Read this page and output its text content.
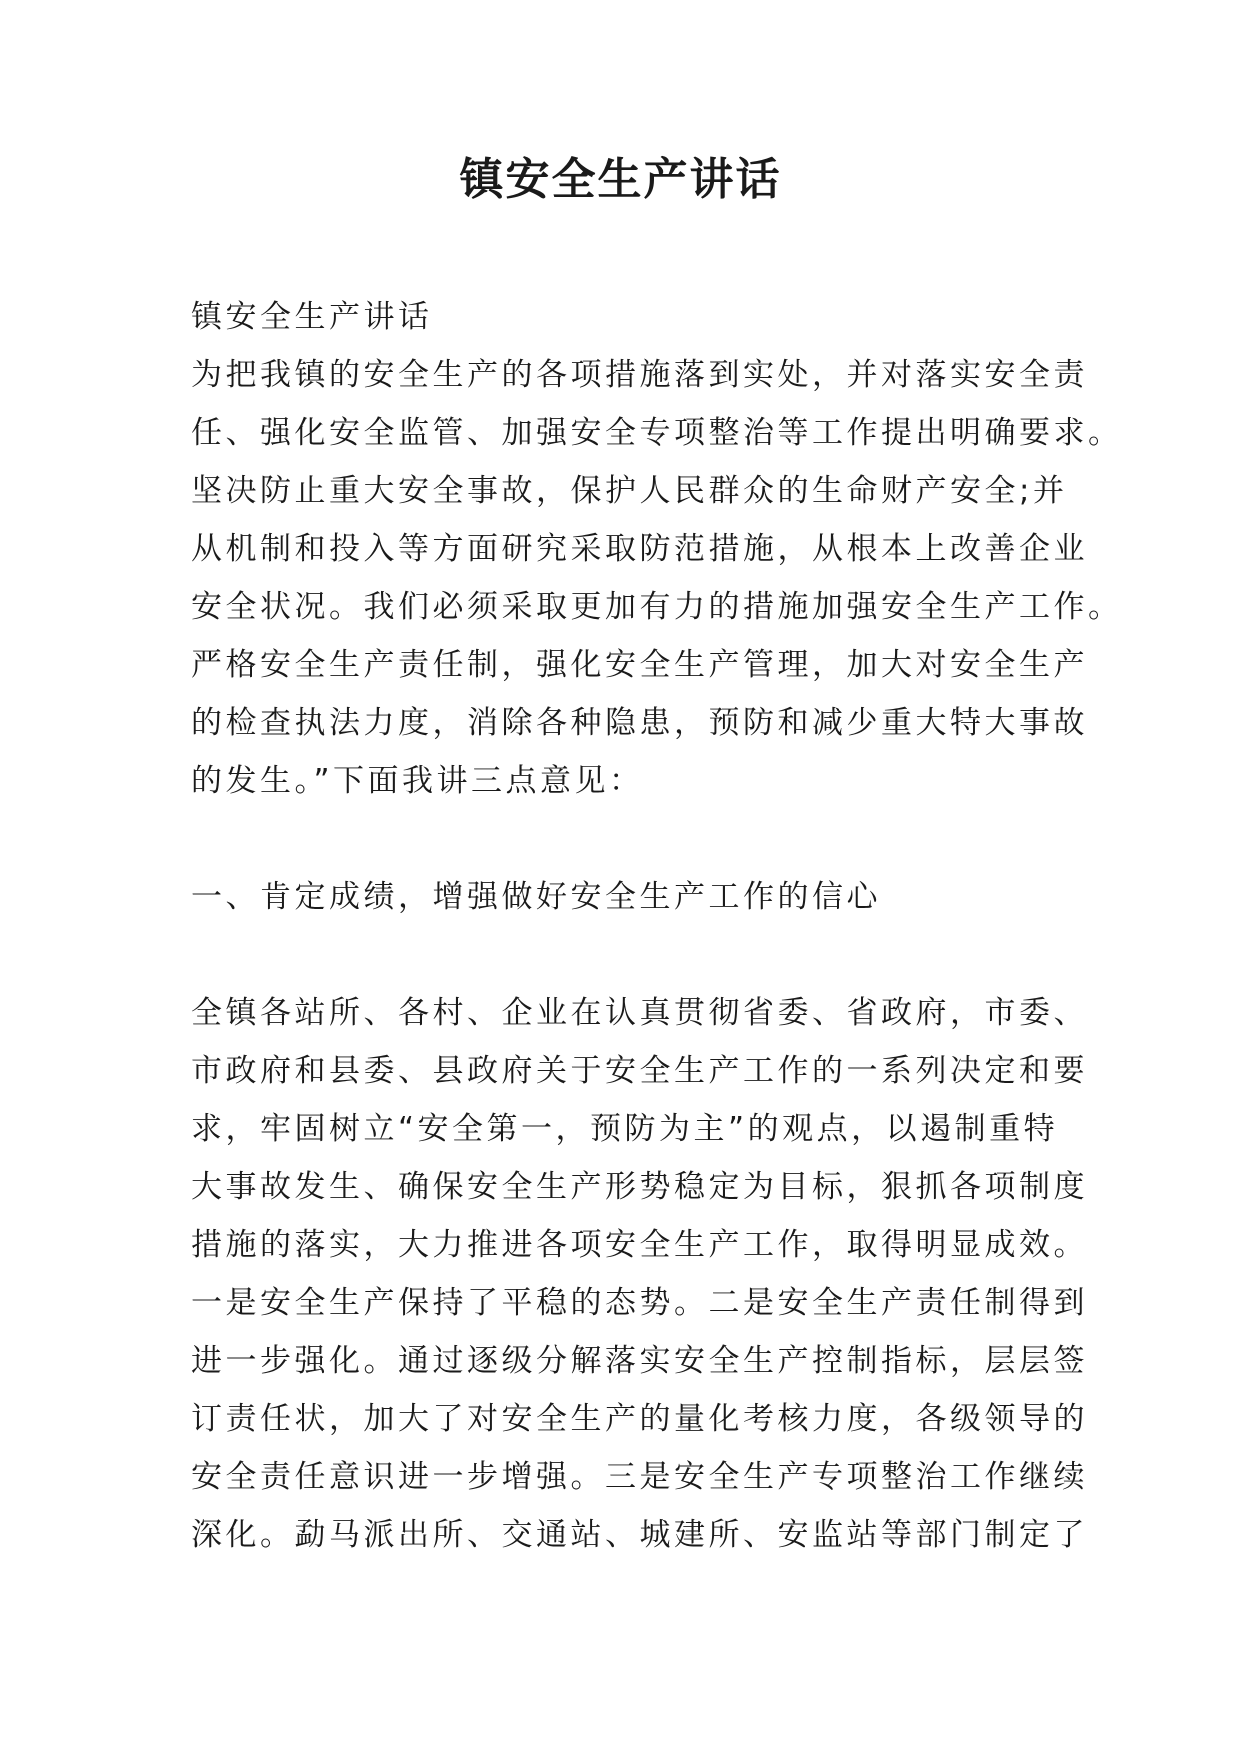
镇安全生产讲话
镇安全生产讲话
为把我镇的安全生产的各项措施落到实处，并对落实安全责
任、强化安全监管、加强安全专项整治等工作提出明确要求。
坚决防止重大安全事故，保护人民群众的生命财产安全;并
从机制和投入等方面研究采取防范措施，从根本上改善企业
安全状况。我们必须采取更加有力的措施加强安全生产工作。
严格安全生产责任制，强化安全生产管理，加大对安全生产
的检查执法力度，消除各种隐患，预防和减少重大特大事故
的发生。”下面我讲三点意见：
一、肯定成绩，增强做好安全生产工作的信心
全镇各站所、各村、企业在认真贯彻省委、省政府，市委、
市政府和县委、县政府关于安全生产工作的一系列决定和要
求，牢固树立“安全第一，预防为主”的观点，以遏制重特
大事故发生、确保安全生产形势稳定为目标，狠抓各项制度
措施的落实，大力推进各项安全生产工作，取得明显成效。
一是安全生产保持了平稳的态势。二是安全生产责任制得到
进一步强化。通过逐级分解落实安全生产控制指标，层层签
订责任状，加大了对安全生产的量化考核力度，各级领导的
安全责任意识进一步增强。三是安全生产专项整治工作继续
深化。勐马派出所、交通站、城建所、安监站等部门制定了
